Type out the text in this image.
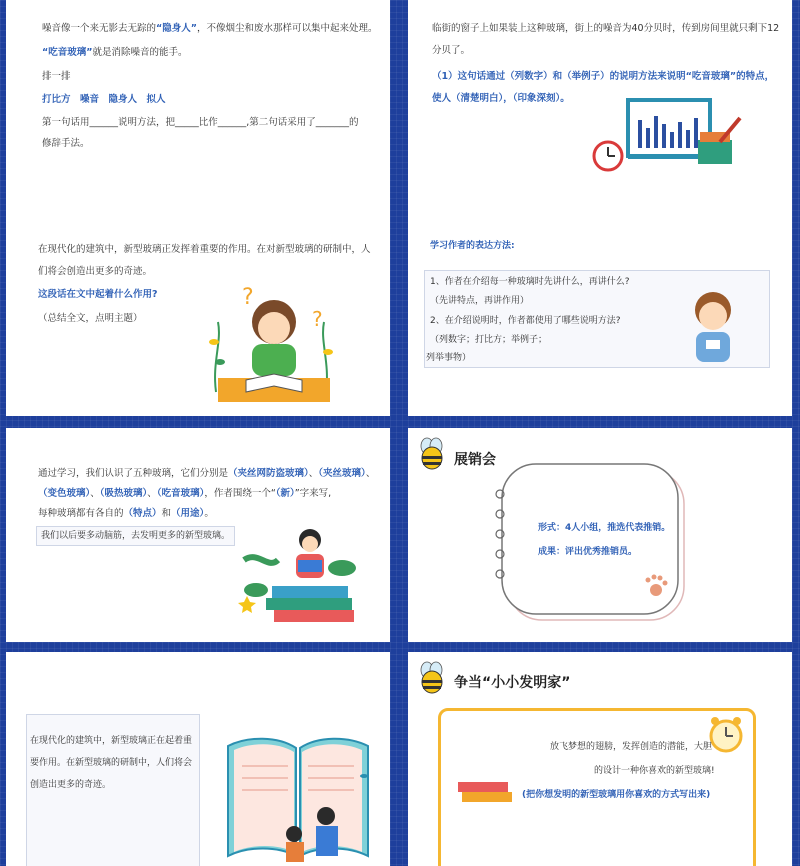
噪音像一个来无影去无踪的“隐身人”，不像烟尘和废水那样可以集中起来处理。
“吃音玻璃”就是消除噪音的能手。
排一排
打比方　噪音　隐身人　拟人
第一句话用______说明方法，把_____比作______,第二句话采用了_______的
修辞手法。
临街的窗子上如果装上这种玻璃，街上的噪音为40分贝时，传到房间里就只剩下12
分贝了。
（1）这句话通过（列数字）和（举例子）的说明方法来说明“吃音玻璃”的特点，
使人（清楚明白），（印象深刻）。
在现代化的建筑中，新型玻璃正发挥着重要的作用。在对新型玻璃的研制中，人
们将会创造出更多的奇迹。
这段话在文中起着什么作用?
（总结全文，点明主题）
?
?
学习作者的表达方法:
1、作者在介绍每一种玻璃时先讲什么，再讲什么?
（先讲特点，再讲作用）
2、在介绍说明时，作者都使用了哪些说明方法?
（列数字；打比方；举例子；
列举事物）
通过学习，我们认识了五种玻璃，它们分别是（夹丝网防盗玻璃）、（夹丝玻璃）、
（变色玻璃）、（吸热玻璃）、（吃音玻璃），作者围绕一个“（新）”字来写,
每种玻璃都有各自的（特点）和（用途）。
我们以后要多动脑筋，去发明更多的新型玻璃。
展销会
形式：4人小组，推选代表推销。
成果：评出优秀推销员。
在现代化的建筑中，新型玻璃正在起着重
要作用。在新型玻璃的研制中，人们将会
创造出更多的奇迹。
争当“小小发明家”
放飞梦想的翅膀，发挥创造的潜能，大胆
的设计一种你喜欢的新型玻璃!
(把你想发明的新型玻璃用你喜欢的方式写出来)
